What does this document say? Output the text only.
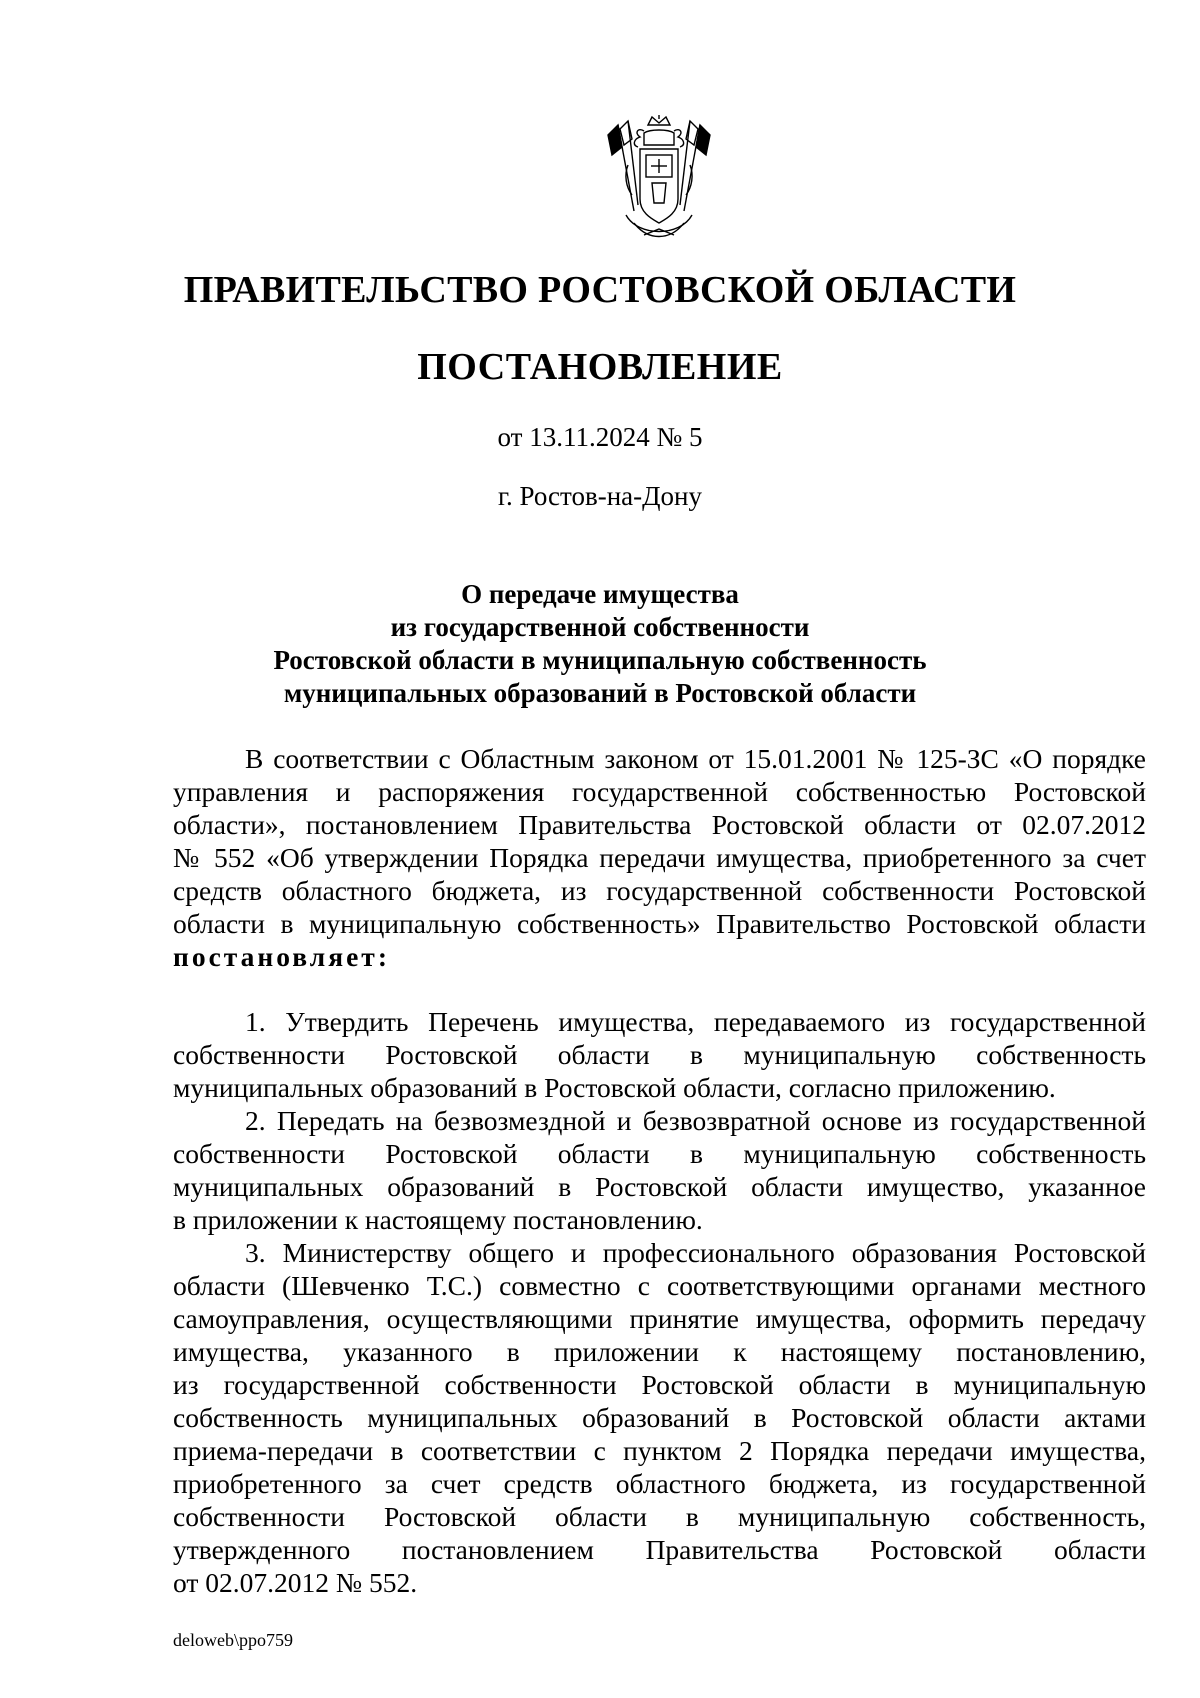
ПРАВИТЕЛЬСТВО РОСТОВСКОЙ ОБЛАСТИ
ПОСТАНОВЛЕНИЕ
от 13.11.2024 № 5
г. Ростов-на-Дону
О передаче имущества
из государственной собственности
Ростовской области в муниципальную собственность
муниципальных образований в Ростовской области
В соответствии с Областным законом от 15.01.2001 № 125-ЗС «О порядке
управления и распоряжения государственной собственностью Ростовской
области», постановлением Правительства Ростовской области от 02.07.2012
№ 552 «Об утверждении Порядка передачи имущества, приобретенного за счет
средств областного бюджета, из государственной собственности Ростовской
области в муниципальную собственность» Правительство Ростовской области
постановляет:
1. Утвердить Перечень имущества, передаваемого из государственной
собственности Ростовской области в муниципальную собственность
муниципальных образований в Ростовской области, согласно приложению.
2. Передать на безвозмездной и безвозвратной основе из государственной
собственности Ростовской области в муниципальную собственность
муниципальных образований в Ростовской области имущество, указанное
в приложении к настоящему постановлению.
3. Министерству общего и профессионального образования Ростовской
области (Шевченко Т.С.) совместно с соответствующими органами местного
самоуправления, осуществляющими принятие имущества, оформить передачу
имущества, указанного в приложении к настоящему постановлению,
из государственной собственности Ростовской области в муниципальную
собственность муниципальных образований в Ростовской области актами
приема-передачи в соответствии с пунктом 2 Порядка передачи имущества,
приобретенного за счет средств областного бюджета, из государственной
собственности Ростовской области в муниципальную собственность,
утвержденного постановлением Правительства Ростовской области
от 02.07.2012 № 552.
deloweb\ppo759
